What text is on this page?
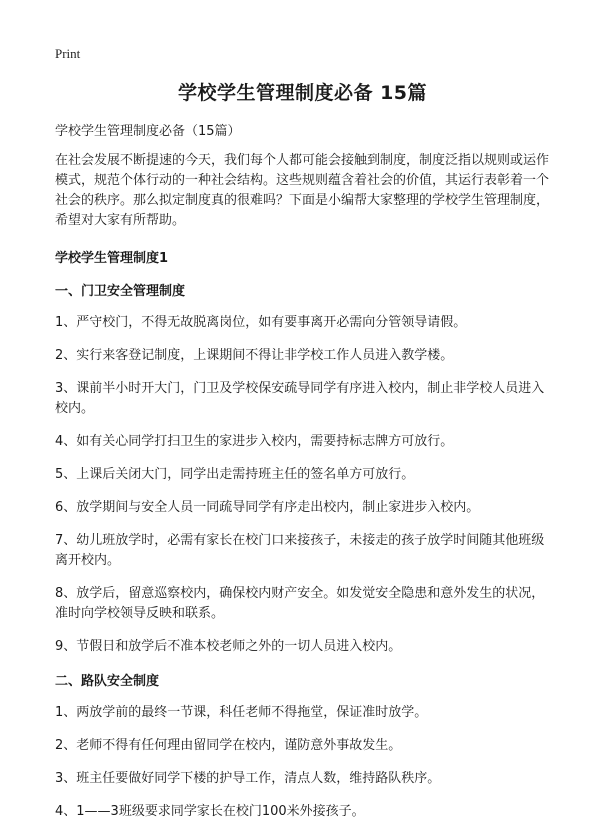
Print
学校学生管理制度必备 15篇
学校学生管理制度必备（15篇）
在社会发展不断提速的今天，我们每个人都可能会接触到制度，制度泛指以规则或运作模式，规范个体行动的一种社会结构。这些规则蕴含着社会的价值，其运行表彰着一个社会的秩序。那么拟定制度真的很难吗？下面是小编帮大家整理的学校学生管理制度，希望对大家有所帮助。
学校学生管理制度1
一、门卫安全管理制度
1、严守校门，不得无故脱离岗位，如有要事离开必需向分管领导请假。
2、实行来客登记制度，上课期间不得让非学校工作人员进入教学楼。
3、课前半小时开大门，门卫及学校保安疏导同学有序进入校内，制止非学校人员进入校内。
4、如有关心同学打扫卫生的家进步入校内，需要持标志牌方可放行。
5、上课后关闭大门，同学出走需持班主任的签名单方可放行。
6、放学期间与安全人员一同疏导同学有序走出校内，制止家进步入校内。
7、幼儿班放学时，必需有家长在校门口来接孩子，未接走的孩子放学时间随其他班级离开校内。
8、放学后，留意巡察校内，确保校内财产安全。如发觉安全隐患和意外发生的状况，准时向学校领导反映和联系。
9、节假日和放学后不准本校老师之外的一切人员进入校内。
二、路队安全制度
1、两放学前的最终一节课，科任老师不得拖堂，保证准时放学。
2、老师不得有任何理由留同学在校内，谨防意外事故发生。
3、班主任要做好同学下楼的护导工作，清点人数，维持路队秩序。
4、1——3班级要求同学家长在校门100米外接孩子。
